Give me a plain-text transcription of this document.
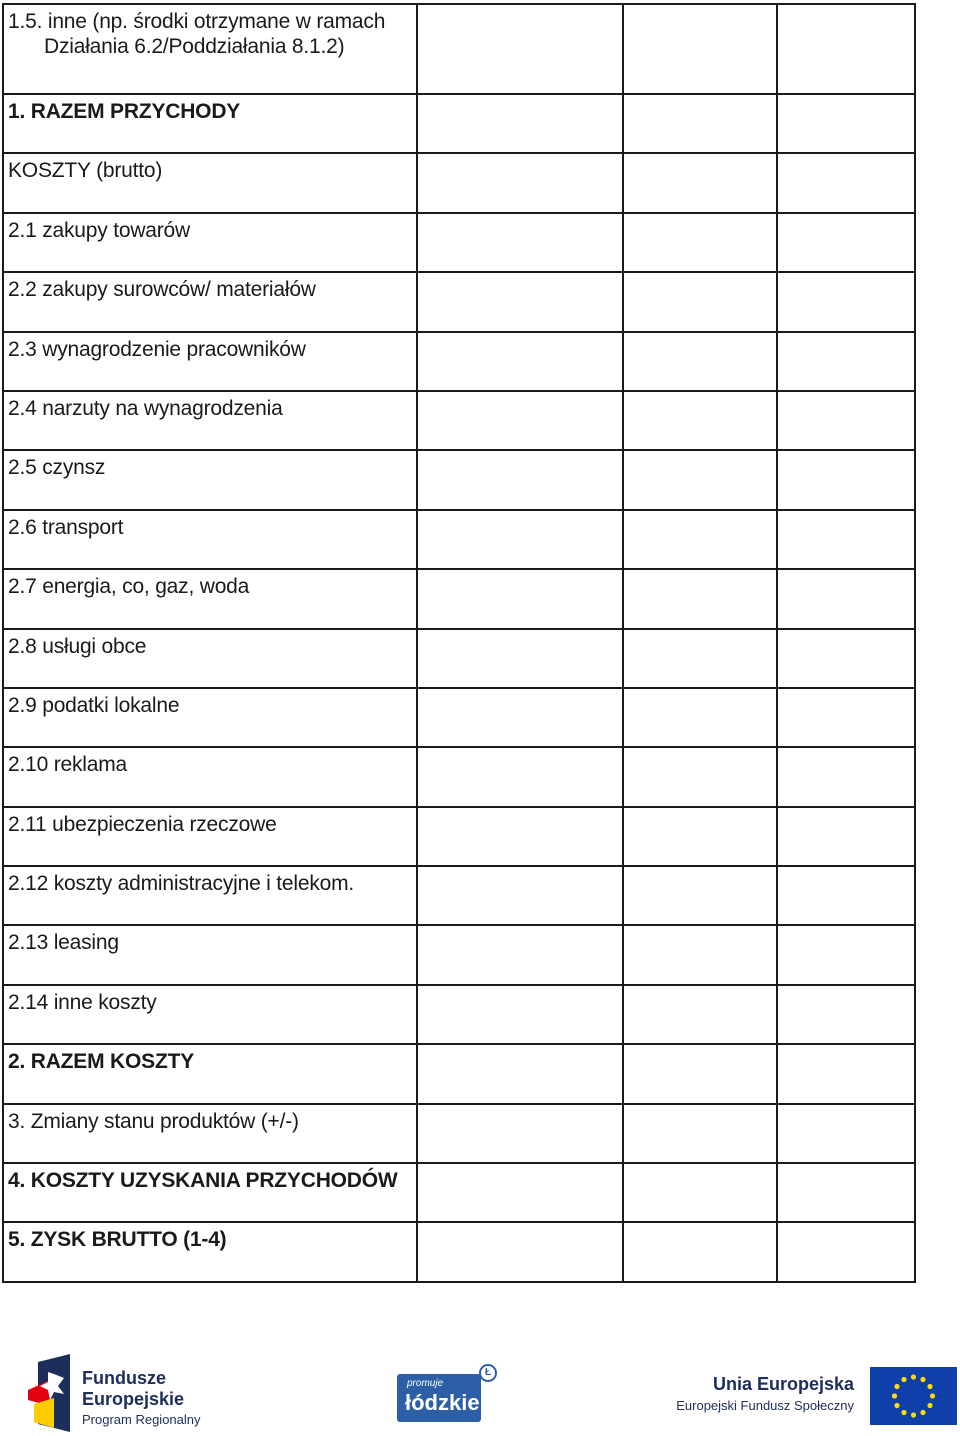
1.5. inne (np. środki otrzymane w ramach
Działania 6.2/Poddziałania 8.1.2)			

1. RAZEM PRZYCHODY			
KOSZTY (brutto)			
2.1 zakupy towarów			
2.2 zakupy surowców/ materiałów			
2.3 wynagrodzenie pracowników			
2.4 narzuty na wynagrodzenia			
2.5 czynsz			
2.6 transport			
2.7 energia, co, gaz, woda			
2.8 usługi obce			
2.9 podatki lokalne			
2.10 reklama			
2.11 ubezpieczenia rzeczowe			
2.12 koszty administracyjne i telekom.			
2.13 leasing			
2.14 inne koszty			
2. RAZEM KOSZTY			
3. Zmiany stanu produktów (+/-)			
4. KOSZTY UZYSKANIA PRZYCHODÓW			
5. ZYSK BRUTTO (1-4)			
Fundusze
Europejskie
Program Regionalny
promuje
łódzkie
Ł
Unia Europejska
Europejski Fundusz Społeczny
